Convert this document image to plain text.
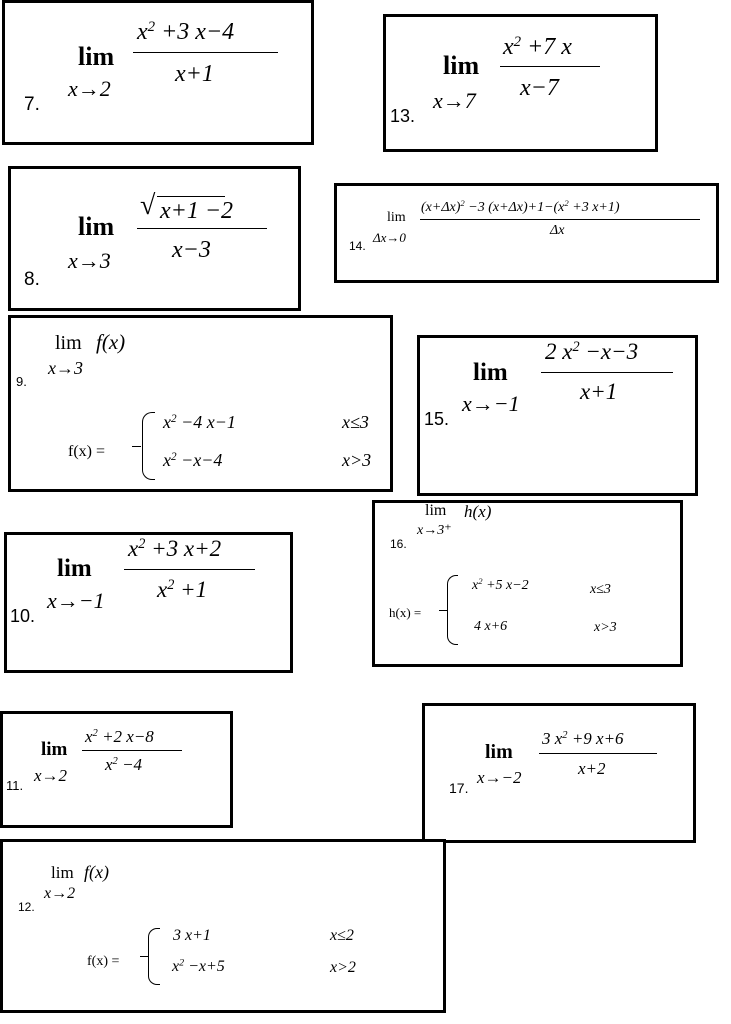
lim
x→2
$x^2 +3$ x−4
x+1
7.
lim
x→7
$x^2 +7$ x
x−7
13.
lim
x→3
√ x+1 −2
x−3
8.
lim
Δx→0
$(x+\Delta x)^2 -3$ $(x+\Delta x)+1-(x^2 +3$ x+1)
Δx
14.
lim f(x)
x→3
9.
f(x) =
$x^2 -4$ x−1	x≤3
$x^2 -x-4$	x>3
lim
x→−1
2 $x^2 -x-3$
x+1
15.
lim h(x)
x→3⁺
16.
h(x) =
$x^2 +5$ x−2	x≤3
4 x+6	x>3
lim
x→−1
$x^2 +3$ x+2
$x^2 +1$
10.
lim
x→2
$x^2 +2$ x−8
$x^2 -4$
11.
lim
x→−2
3 $x^2 +9$ x+6
x+2
17.
lim f(x)
x→2
12.
f(x) =
3 x+1	x≤2
$x^2 -x+5$	x>2
